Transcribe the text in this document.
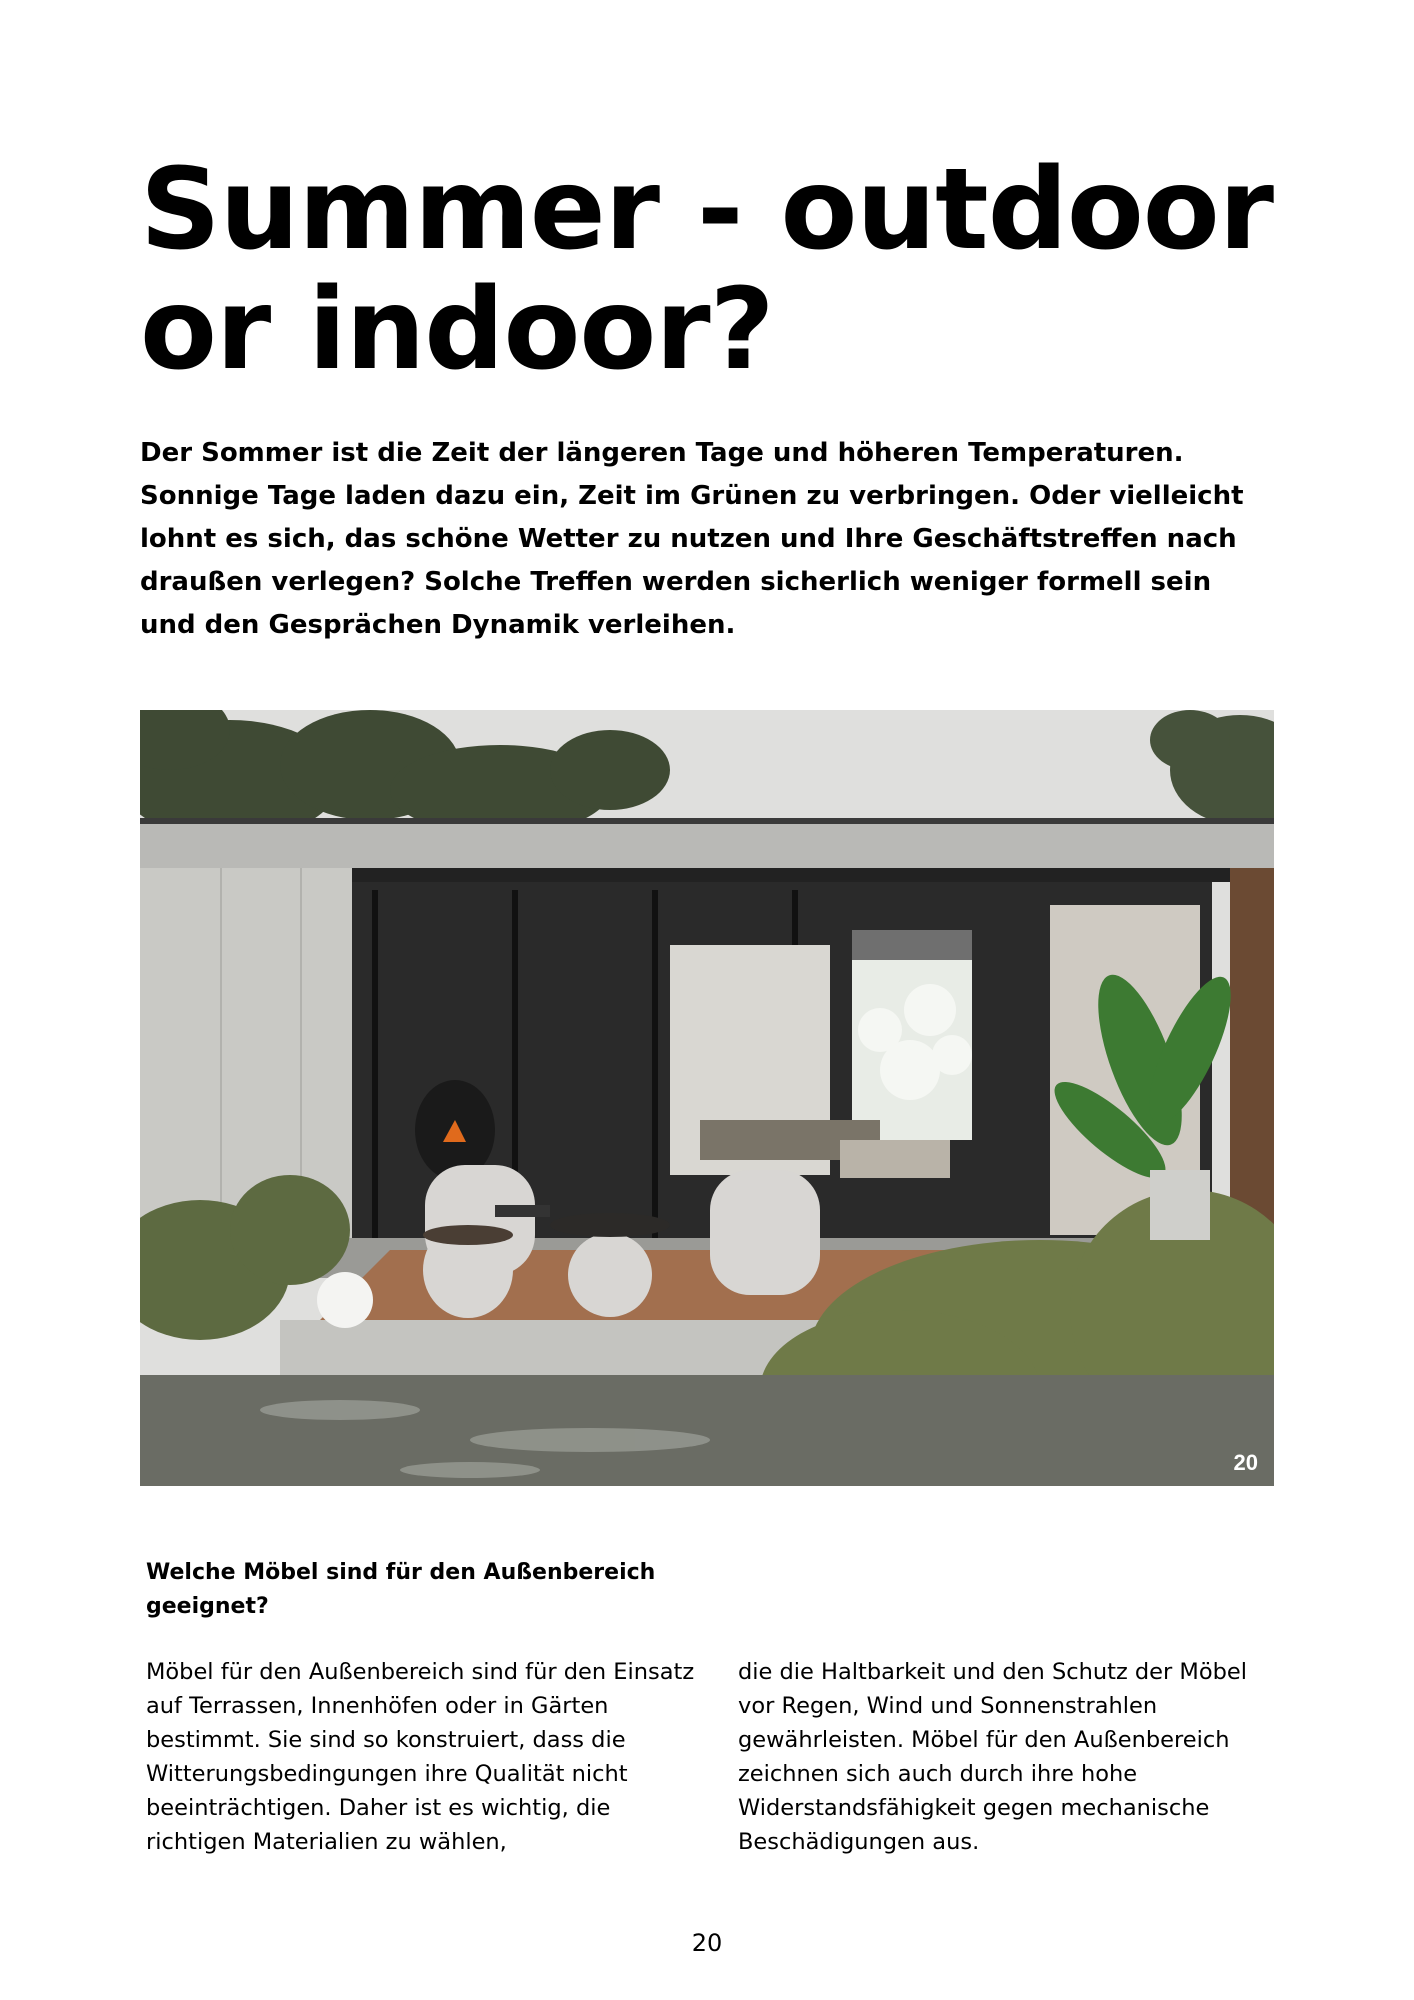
Summer - outdoor or indoor?

Der Sommer ist die Zeit der längeren Tage und höheren Temperaturen. Sonnige Tage laden dazu ein, Zeit im Grünen zu verbringen. Oder vielleicht lohnt es sich, das schöne Wetter zu nutzen und Ihre Geschäftstreffen nach draußen verlegen? Solche Treffen werden sicherlich weniger formell sein und den Gesprächen Dynamik verleihen.

20
Welche Möbel sind für den Außenbereich geeignet?

Möbel für den Außenbereich sind für den Einsatz auf Terrassen, Innenhöfen oder in Gärten bestimmt. Sie sind so konstruiert, dass die Witterungsbedingungen ihre Qualität nicht beeinträchtigen. Daher ist es wichtig, die richtigen Materialien zu wählen,

die die Haltbarkeit und den Schutz der Möbel vor Regen, Wind und Sonnenstrahlen gewährleisten. Möbel für den Außenbereich zeichnen sich auch durch ihre hohe Widerstandsfähigkeit gegen mechanische Beschädigungen aus.

20
